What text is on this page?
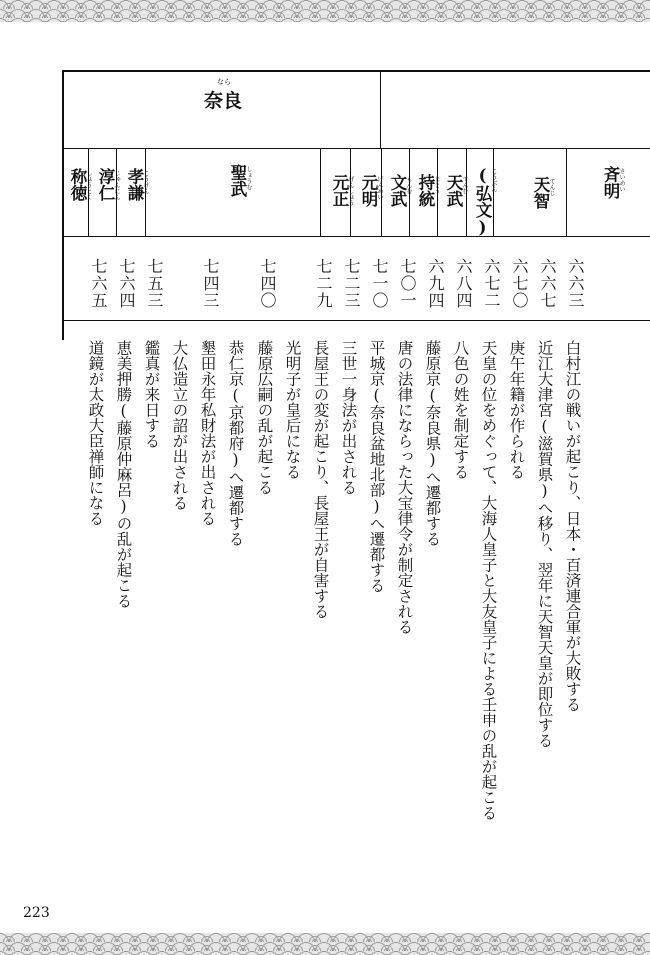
奈良
なら
斉明
さいめい
天智
てんじ
(弘文)
こうぶん
天武
てんむ
持統
じとう
文武
もんむ
元明
げんめい
元正
げんしょう
聖武
しょうむ
孝謙
こうけん
淳仁
じゅんにん
称徳
しょうとく
六六三
六六七
六七〇
六七二
六八四
六九四
七〇一
七一〇
七二三
七二九
七四〇
七四三
七五三
七六四
七六五
白村江の戦いが起こり、日本・百済連合軍が大敗する
近江大津宮(滋賀県)へ移り、翌年に天智天皇が即位する
庚午年籍が作られる
天皇の位をめぐって、大海人皇子と大友皇子による壬申の乱が起こる
八色の姓を制定する
藤原京(奈良県)へ遷都する
唐の法律にならった大宝律令が制定される
平城京(奈良盆地北部)へ遷都する
三世一身法が出される
長屋王の変が起こり、長屋王が自害する
光明子が皇后になる
藤原広嗣の乱が起こる
恭仁京(京都府)へ遷都する
墾田永年私財法が出される
大仏造立の詔が出される
鑑真が来日する
恵美押勝(藤原仲麻呂)の乱が起こる
道鏡が太政大臣禅師になる
223
